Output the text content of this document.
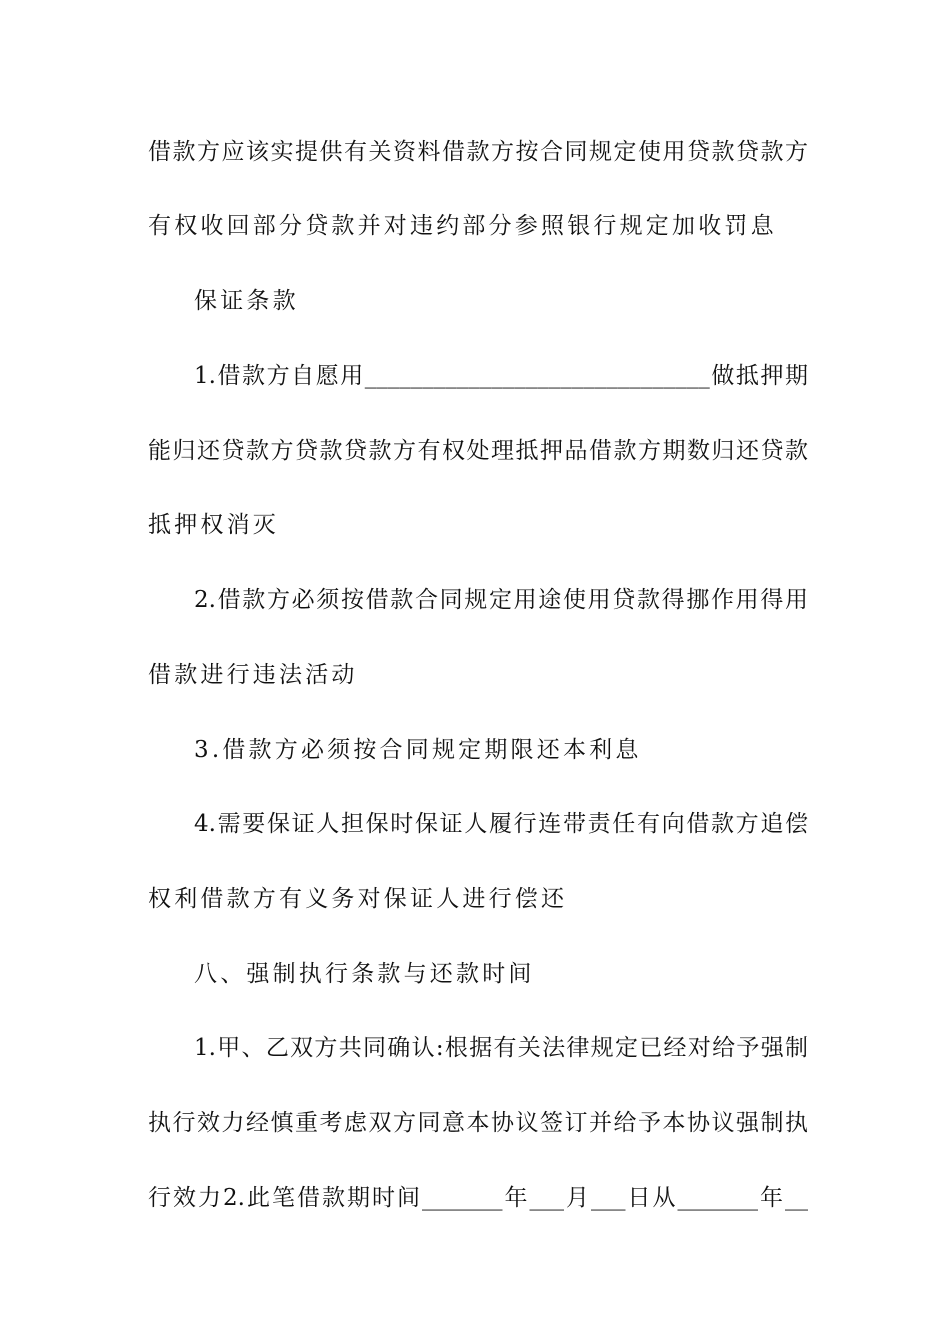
借款方应该实提供有关资料借款方按合同规定使用贷款贷款方
有权收回部分贷款并对违约部分参照银行规定加收罚息
保证条款
1.借款方自愿用______________________________做抵押期
能归还贷款方贷款贷款方有权处理抵押品借款方期数归还贷款
抵押权消灭
2.借款方必须按借款合同规定用途使用贷款得挪作用得用
借款进行违法活动
3.借款方必须按合同规定期限还本利息
4.需要保证人担保时保证人履行连带责任有向借款方追偿
权利借款方有义务对保证人进行偿还
八、强制执行条款与还款时间
1.甲、乙双方共同确认:根据有关法律规定已经对给予强制
执行效力经慎重考虑双方同意本协议签订并给予本协议强制执
行效力2.此笔借款期时间_______年___月___日从_______年__
